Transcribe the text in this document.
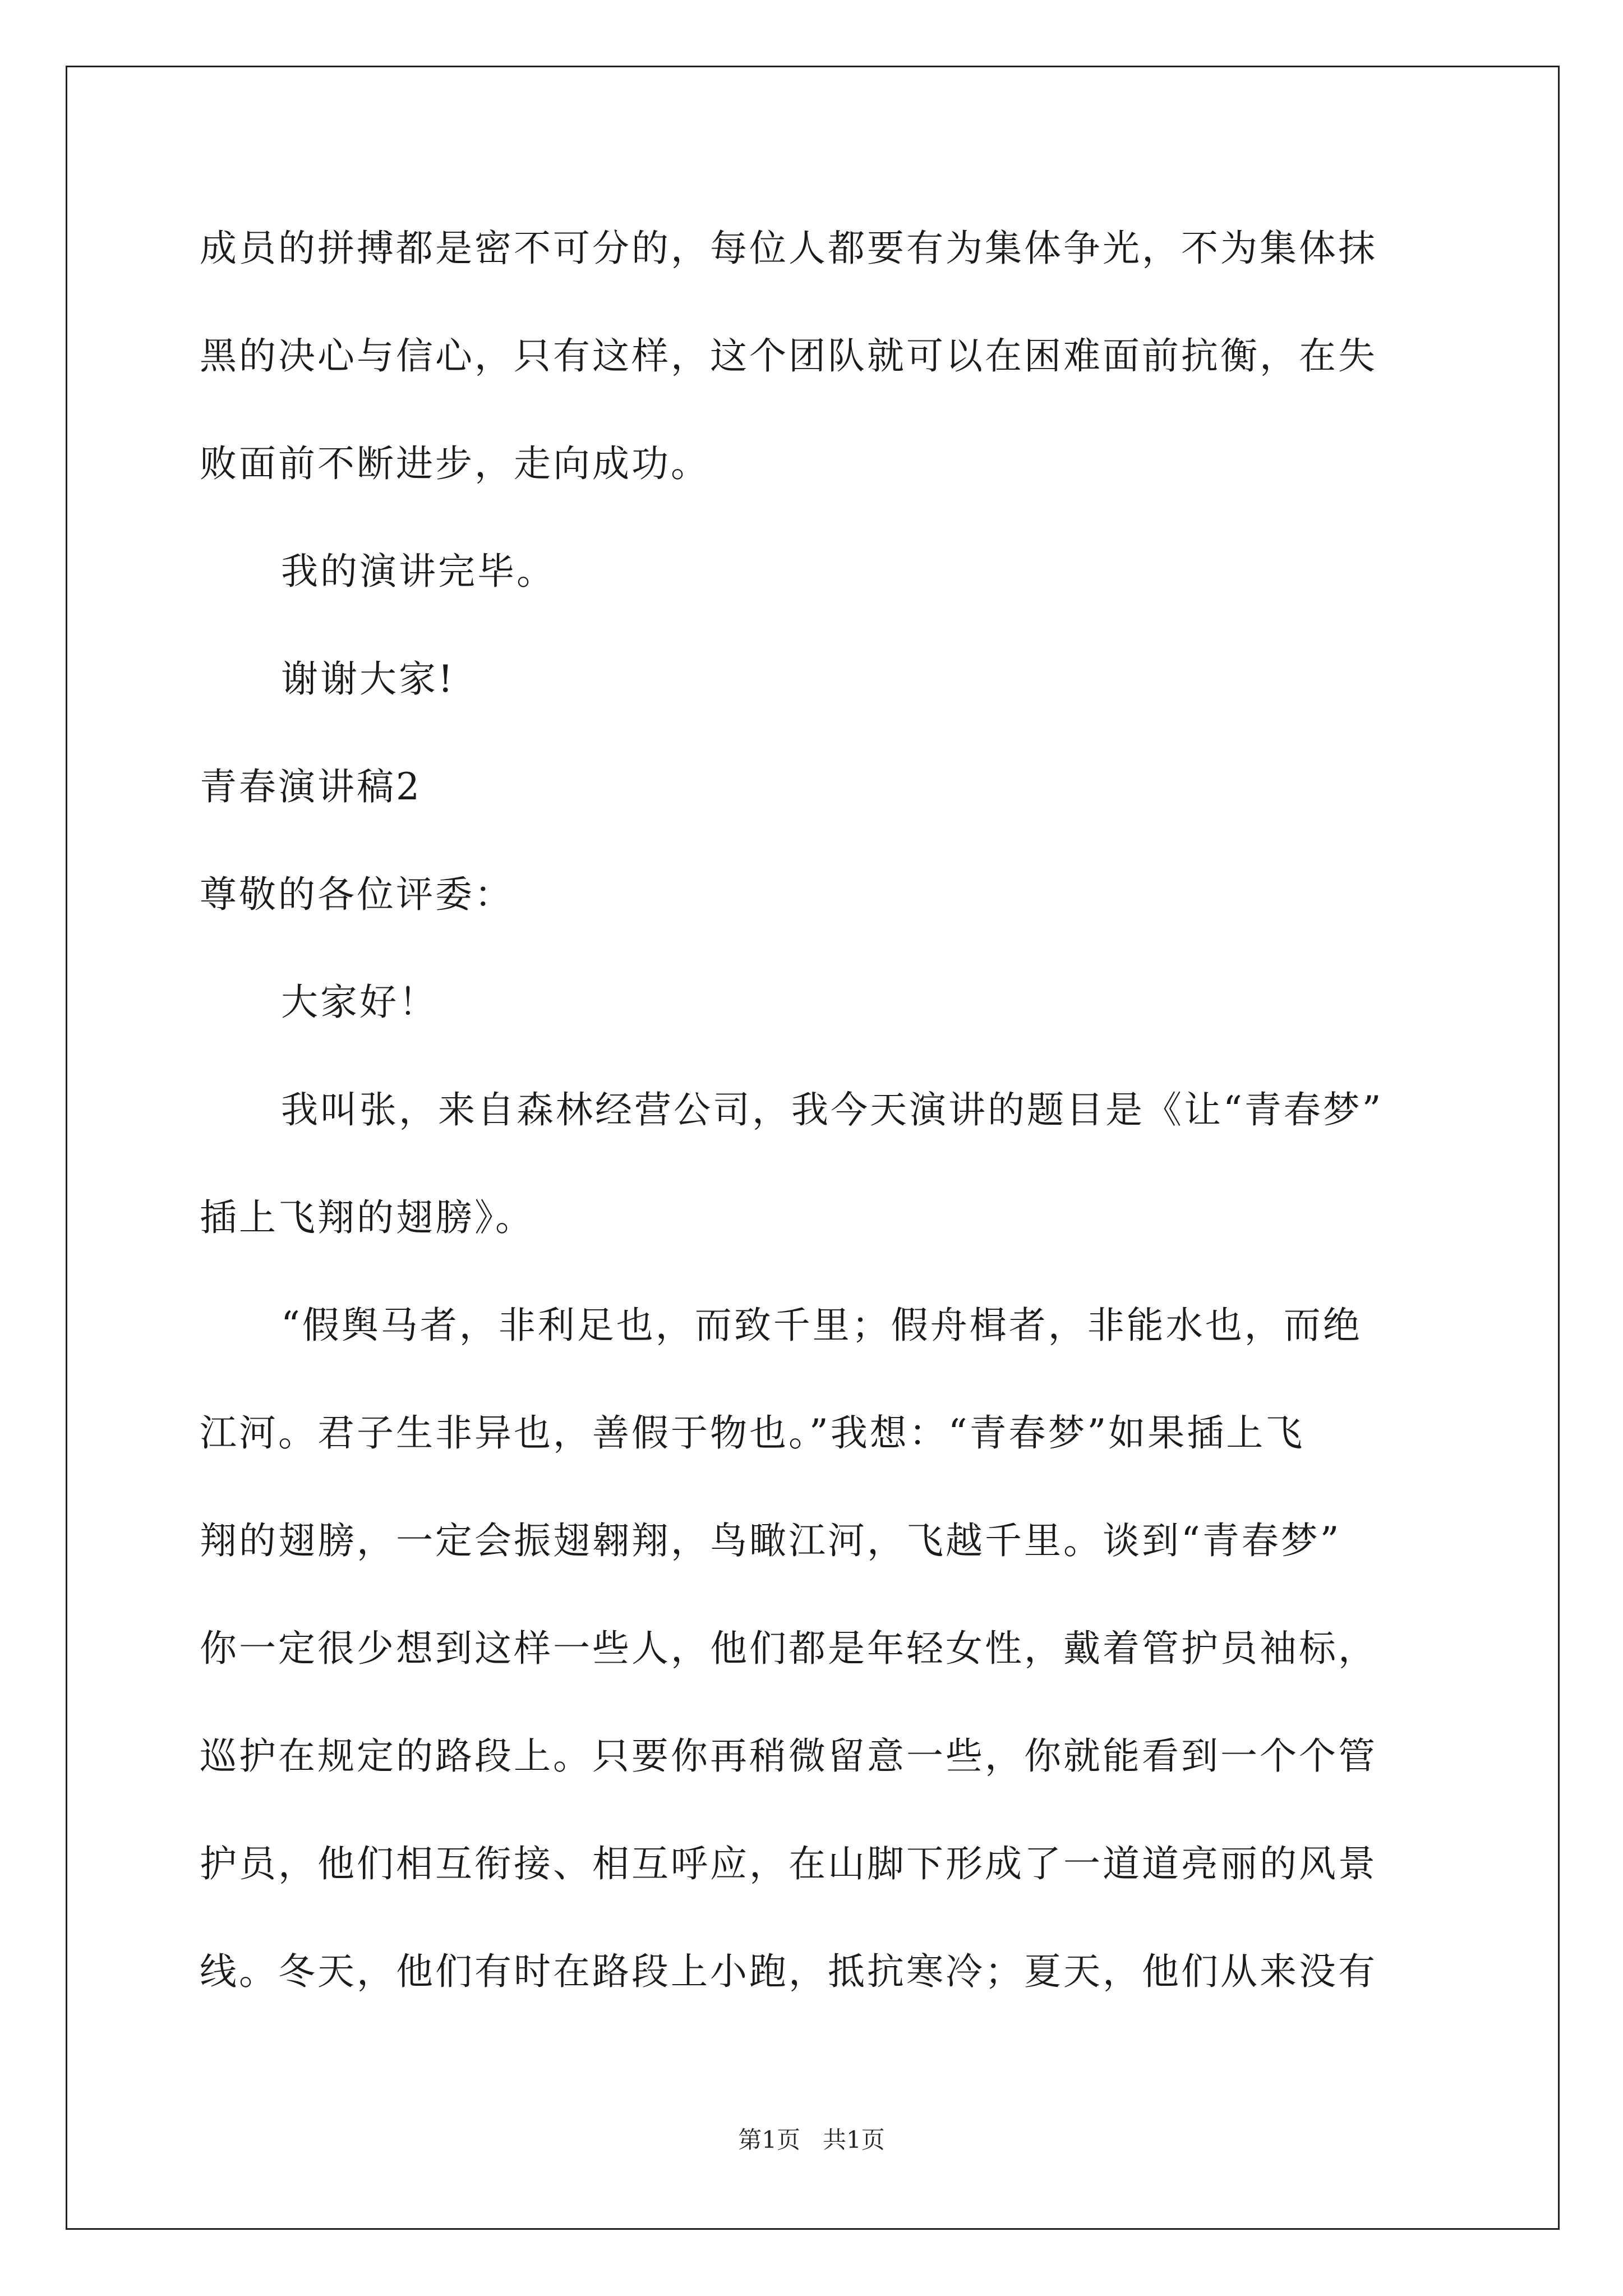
成员的拼搏都是密不可分的，每位人都要有为集体争光，不为集体抹
黑的决心与信心，只有这样，这个团队就可以在困难面前抗衡，在失
败面前不断进步，走向成功。
我的演讲完毕。
谢谢大家!
青春演讲稿2
尊敬的各位评委：
大家好！
我叫张，来自森林经营公司，我今天演讲的题目是《让“青春梦”
插上飞翔的翅膀》。
“假舆马者，非利足也，而致千里；假舟楫者，非能水也，而绝
江河。君子生非异也，善假于物也。”我想：“青春梦”如果插上飞
翔的翅膀，一定会振翅翱翔，鸟瞰江河，飞越千里。谈到“青春梦”
你一定很少想到这样一些人，他们都是年轻女性，戴着管护员袖标，
巡护在规定的路段上。只要你再稍微留意一些，你就能看到一个个管
护员，他们相互衔接、相互呼应，在山脚下形成了一道道亮丽的风景
线。冬天，他们有时在路段上小跑，抵抗寒冷；夏天，他们从来没有
第1页   共1页
